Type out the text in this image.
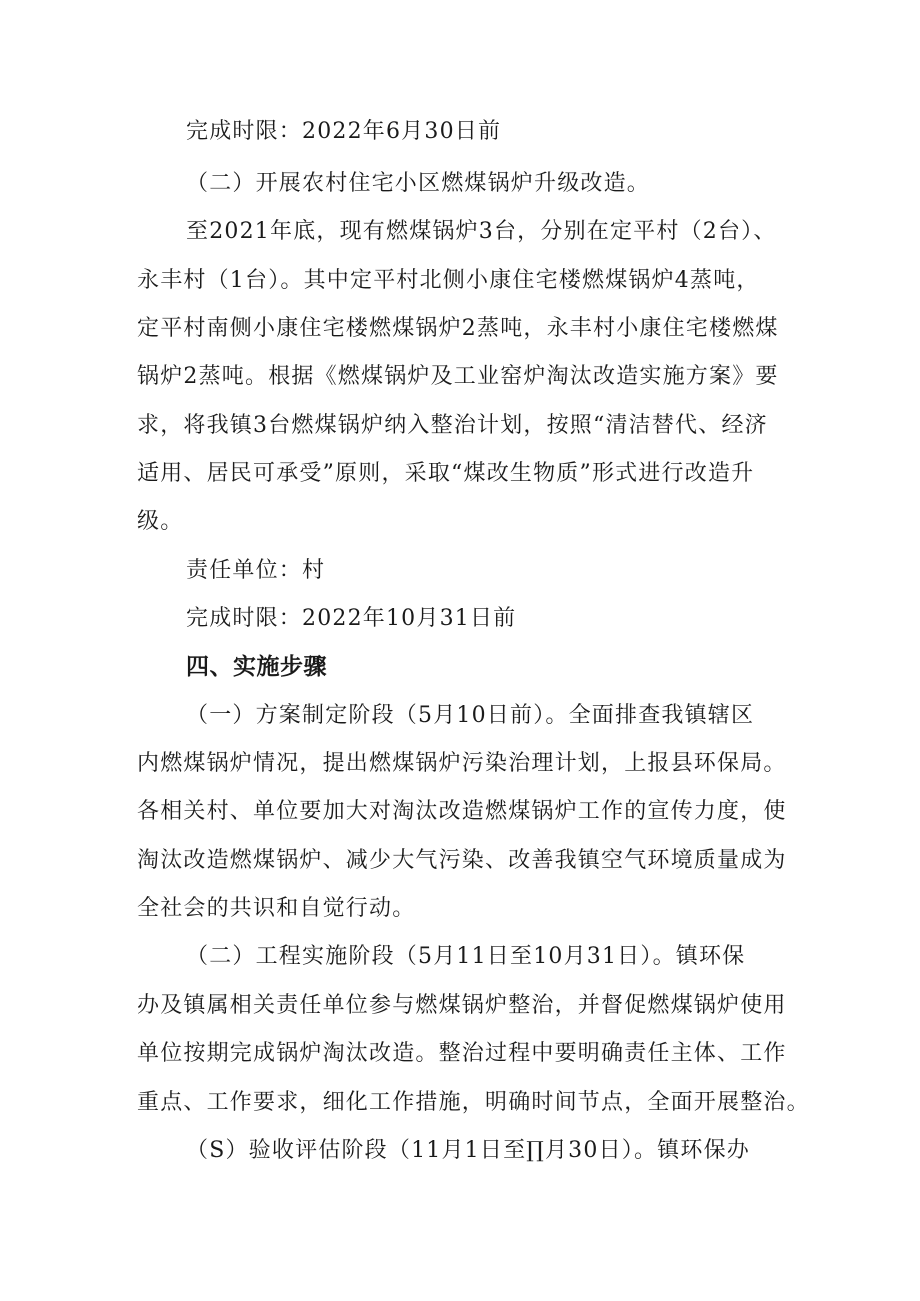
完成时限：2022年6月30日前
（二）开展农村住宅小区燃煤锅炉升级改造。
至2021年底，现有燃煤锅炉3台，分别在定平村（2台）、
永丰村（1台）。其中定平村北侧小康住宅楼燃煤锅炉4蒸吨，
定平村南侧小康住宅楼燃煤锅炉2蒸吨，永丰村小康住宅楼燃煤
锅炉2蒸吨。根据《燃煤锅炉及工业窑炉淘汰改造实施方案》要
求，将我镇3台燃煤锅炉纳入整治计划，按照“清洁替代、经济
适用、居民可承受”原则，采取“煤改生物质”形式进行改造升
级。
责任单位：村
完成时限：2022年10月31日前
四、实施步骤
（一）方案制定阶段（5月10日前）。全面排查我镇辖区
内燃煤锅炉情况，提出燃煤锅炉污染治理计划，上报县环保局。
各相关村、单位要加大对淘汰改造燃煤锅炉工作的宣传力度，使
淘汰改造燃煤锅炉、减少大气污染、改善我镇空气环境质量成为
全社会的共识和自觉行动。
（二）工程实施阶段（5月11日至10月31日）。镇环保
办及镇属相关责任单位参与燃煤锅炉整治，并督促燃煤锅炉使用
单位按期完成锅炉淘汰改造。整治过程中要明确责任主体、工作
重点、工作要求，细化工作措施，明确时间节点，全面开展整治。
（S）验收评估阶段（11月1日至∏月30日）。镇环保办
